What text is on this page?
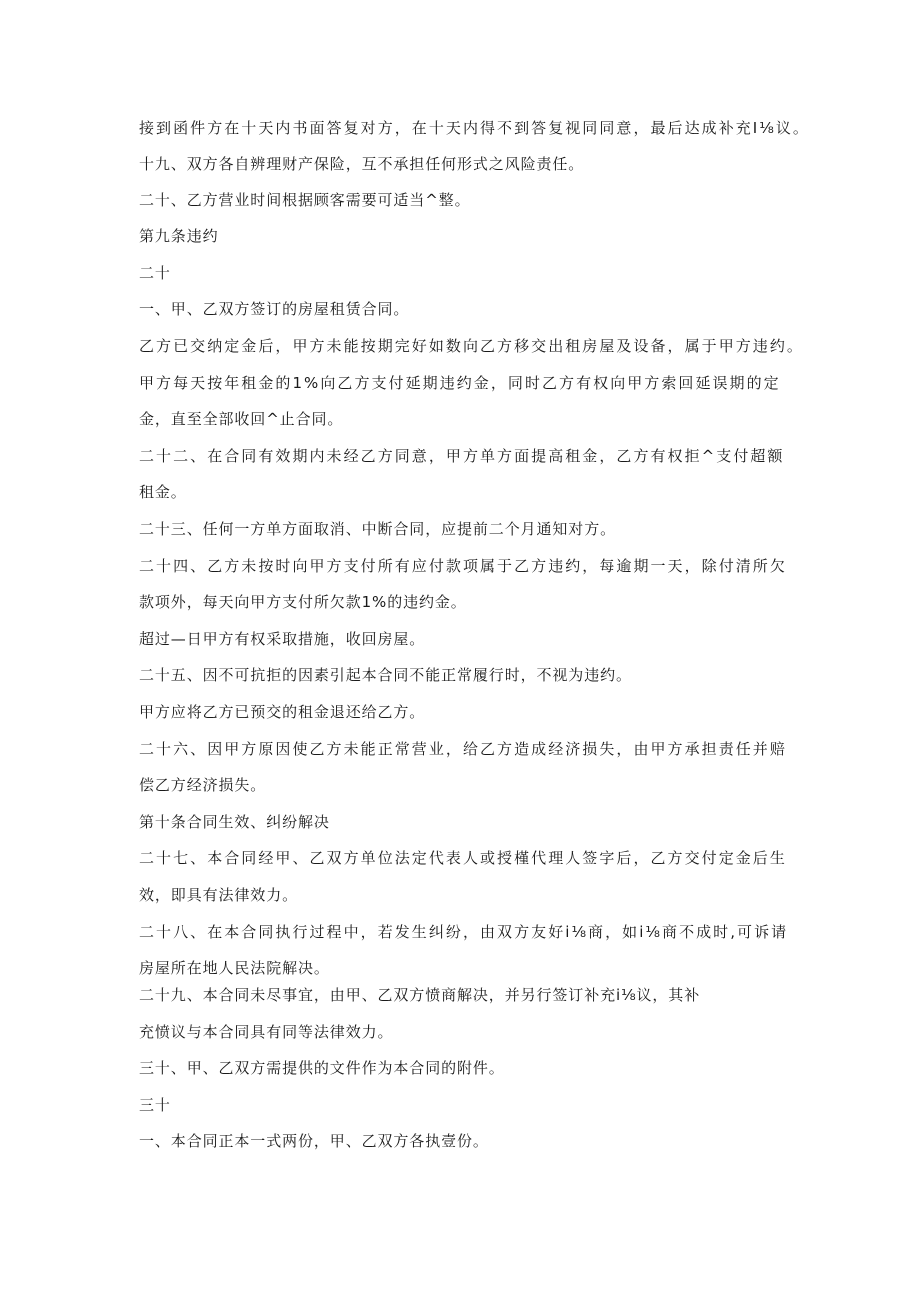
接到函件方在十天内书面答复对方，在十天内得不到答复视同同意，最后达成补充I⅛议。
十九、双方各自辨理财产保险，互不承担任何形式之风险责任。
二十、乙方营业时间根据顾客需要可适当^整。
第九条违约
二十
一、甲、乙双方签订的房屋租赁合同。
乙方已交纳定金后，甲方未能按期完好如数向乙方移交出租房屋及设备，属于甲方违约。
甲方每天按年租金的1%向乙方支付延期违约金，同时乙方有权向甲方索回延误期的定
金，直至全部收回^止合同。
二十二、在合同有效期内未经乙方同意，甲方单方面提高租金，乙方有权拒^支付超额
租金。
二十三、任何一方单方面取消、中断合同，应提前二个月通知对方。
二十四、乙方未按时向甲方支付所有应付款项属于乙方违约，每逾期一天，除付清所欠
款项外，每天向甲方支付所欠款1%的违约金。
超过—日甲方有权采取措施，收回房屋。
二十五、因不可抗拒的因素引起本合同不能正常履行时，不视为违约。
甲方应将乙方已预交的租金退还给乙方。
二十六、因甲方原因使乙方未能正常营业，给乙方造成经济损失，由甲方承担责任并赔
偿乙方经济损失。
第十条合同生效、纠纷解决
二十七、本合同经甲、乙双方单位法定代表人或授槿代理人签字后，乙方交付定金后生
效，即具有法律效力。
二十八、在本合同执行过程中，若发生纠纷，由双方友好i⅛商，如i⅛商不成时,可诉请
房屋所在地人民法院解决。
二十九、本合同未尽事宜，由甲、乙双方愤商解决，并另行签订补充i⅛议，其补
充愤议与本合同具有同等法律效力。
三十、甲、乙双方需提供的文件作为本合同的附件。
三十
一、本合同正本一式两份，甲、乙双方各执壹份。
